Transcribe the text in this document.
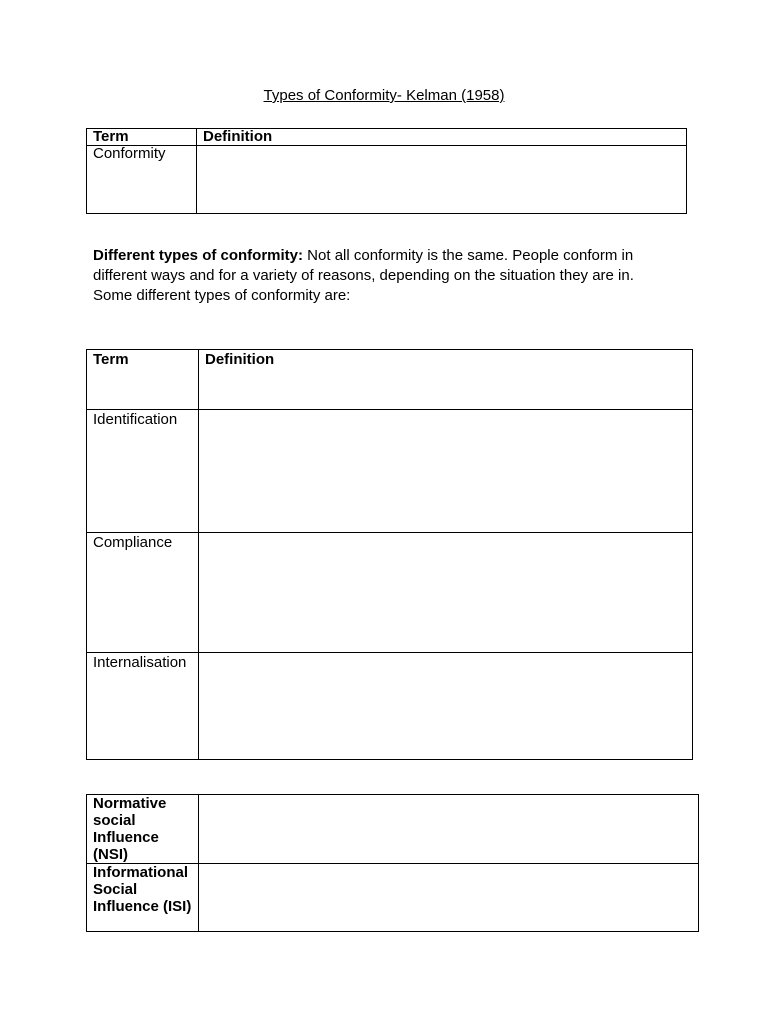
Types of Conformity- Kelman (1958)
Term	Definition
Conformity	
Different types of conformity: Not all conformity is the same. People conform in different ways and for a variety of reasons, depending on the situation they are in. Some different types of conformity are:
Term	Definition
Identification	
Compliance	
Internalisation	
Normative social Influence (NSI)	
Informational Social Influence (ISI)	
